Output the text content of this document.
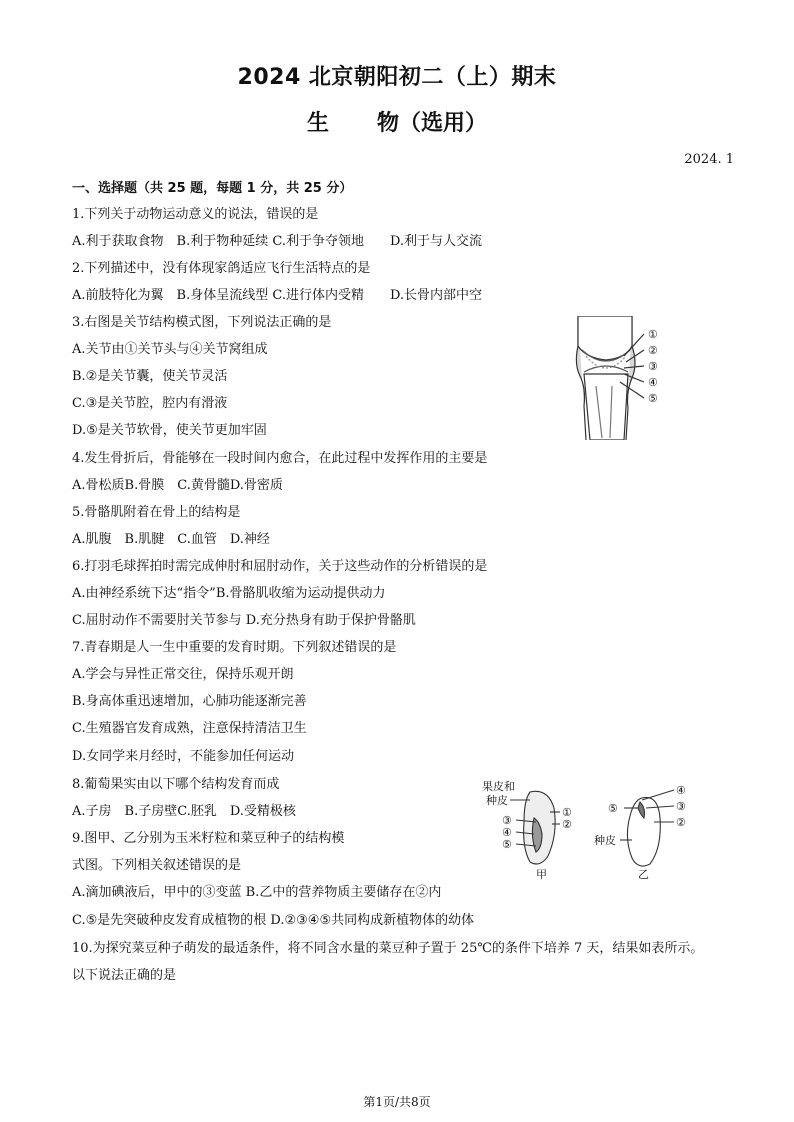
2024 北京朝阳初二（上）期末
生 物（选用）
2024. 1
一、选择题（共 25 题，每题 1 分，共 25 分）
1.下列关于动物运动意义的说法，错误的是
A.利于获取食物　B.利于物种延续 C.利于争夺领地　　D.利于与人交流
2.下列描述中，没有体现家鸽适应飞行生活特点的是
A.前肢特化为翼　B.身体呈流线型 C.进行体内受精　　D.长骨内部中空
3.右图是关节结构模式图，下列说法正确的是
A.关节由①关节头与④关节窝组成
B.②是关节囊，使关节灵活
C.③是关节腔，腔内有滑液
D.⑤是关节软骨，使关节更加牢固
4.发生骨折后，骨能够在一段时间内愈合，在此过程中发挥作用的主要是
A.骨松质B.骨膜　C.黄骨髓D.骨密质
5.骨骼肌附着在骨上的结构是
A.肌腹　B.肌腱　C.血管　D.神经
6.打羽毛球挥拍时需完成伸肘和屈肘动作，关于这些动作的分析错误的是
A.由神经系统下达“指令”B.骨骼肌收缩为运动提供动力
C.屈肘动作不需要肘关节参与 D.充分热身有助于保护骨骼肌
7.青春期是人一生中重要的发育时期。下列叙述错误的是
A.学会与异性正常交往，保持乐观开朗
B.身高体重迅速增加，心肺功能逐渐完善
C.生殖器官发育成熟，注意保持清洁卫生
D.女同学来月经时，不能参加任何运动
8.葡萄果实由以下哪个结构发育而成
A.子房　B.子房壁C.胚乳　D.受精极核
9.图甲、乙分别为玉米籽粒和菜豆种子的结构模
式图。下列相关叙述错误的是
A.滴加碘液后，甲中的③变蓝 B.乙中的营养物质主要储存在②内
C.⑤是先突破种皮发育成植物的根 D.②③④⑤共同构成新植物体的幼体
10.为探究菜豆种子萌发的最适条件，将不同含水量的菜豆种子置于 25℃的条件下培养 7 天，结果如表所示。
以下说法正确的是
①
②
③
④
⑤
果皮和
种皮
①
②
③
④
⑤
甲
④
③
②
⑤
种皮
乙
第1页/共8页
